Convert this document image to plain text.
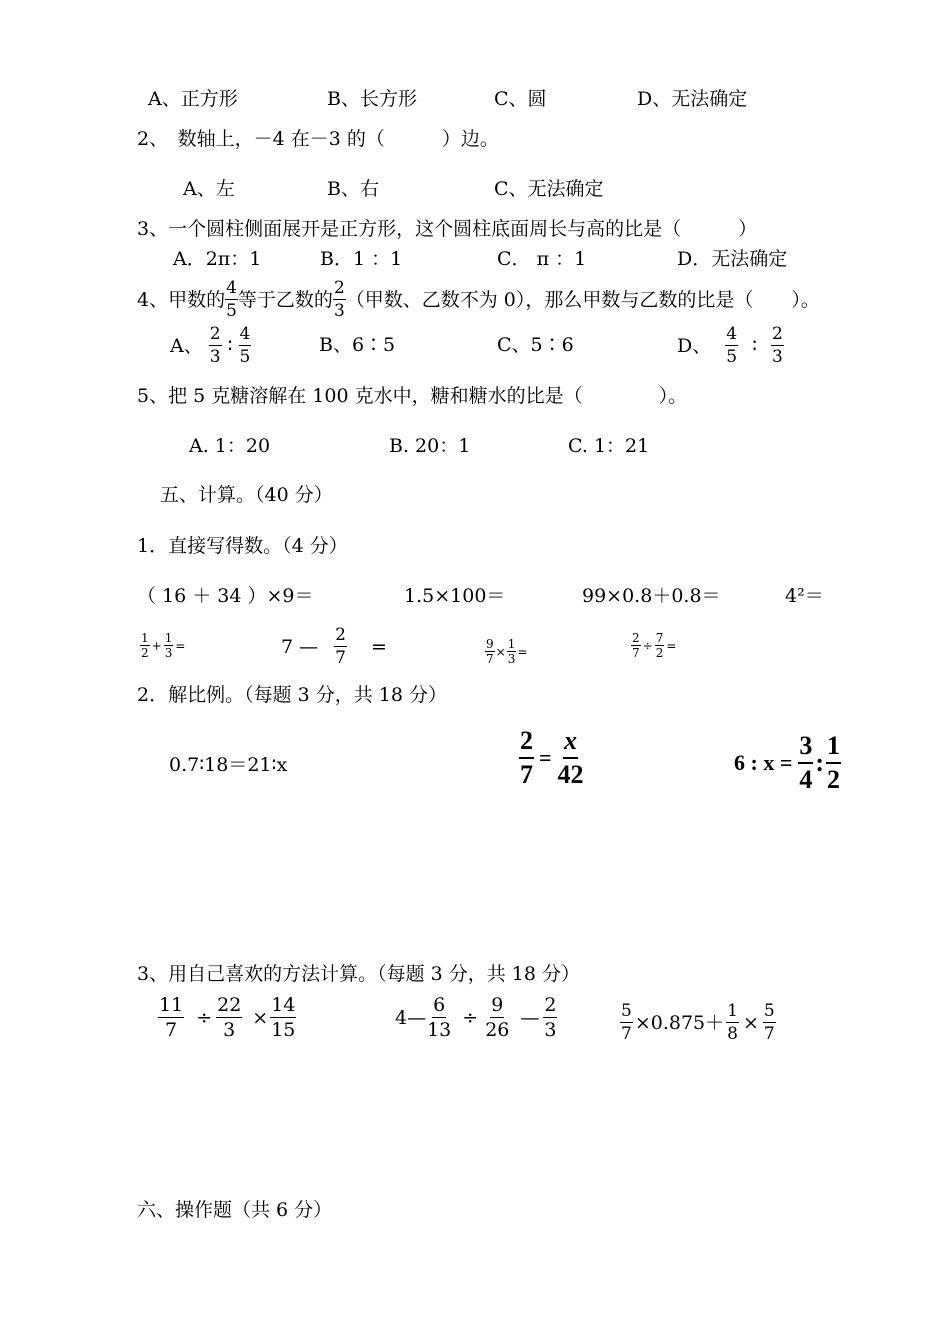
A、正方形	B、长方形	C、圆	D、无法确定
2、　数轴上，－4 在－3 的（　　　）边。
A、左	B、右	C、无法确定
3、一个圆柱侧面展开是正方形，这个圆柱底面周长与高的比是（　　　）
A．2π：1	B．1 ：1	C． π ：1	D．无法确定
4、甲数的 $\frac{4}{5}$ 等于乙数的 $\frac{2}{3}$ （甲数、乙数不为 0），那么甲数与乙数的比是（　　）。
A、 $\frac{2}{3}$ ∶ $\frac{4}{5}$	B、6∶5	C、5∶6	D、 $\frac{4}{5}$ ∶ $\frac{2}{3}$
5、把 5 克糖溶解在 100 克水中，糖和糖水的比是（　　　　）。
A. 1：20	B. 20：1	C. 1：21
五、计算。（40 分）
1．直接写得数。（4 分）
（ 16 ＋ 34 ）×9＝	1.5×100＝	99×0.8＋0.8＝	4²＝
$\frac{1}{2} + \frac{1}{3}$ =	7 — $\frac{2}{7}$ =	$\frac{9}{7} \times \frac{1}{3}$ =	$\frac{2}{7} \div \frac{7}{2}$ =
2．解比例。（每题 3 分，共 18 分）
0.7∶18＝21∶x	$\frac{2}{7} = \frac{x}{42}$	6 : $x = \frac{3}{4}$ : $\frac{1}{2}$
3、用自己喜欢的方法计算。（每题 3 分，共 18 分）
$\frac{11}{7} \div \frac{22}{3} \times \frac{14}{15}$	4— $\frac{6}{13} \div \frac{9}{26}$ — $\frac{2}{3}$	$\frac{5}{7} \times 0.875+ \frac{1}{8} \times \frac{5}{7}$
六、操作题（共 6 分）
